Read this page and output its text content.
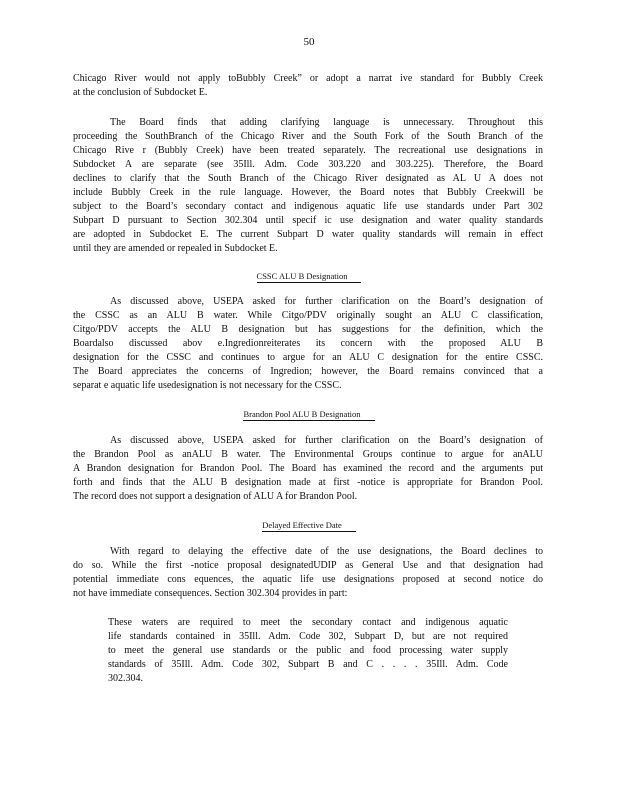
50
Chicago River would not apply toBubbly Creek” or adopt a narrat ive standard for Bubbly Creek
at the conclusion of Subdocket E.
The Board finds that adding clarifying language is unnecessary. Throughout this
proceeding the SouthBranch of the Chicago River and the South Fork of the South Branch of the
Chicago Rive r (Bubbly Creek) have been treated separately. The recreational use designations in
Subdocket A are separate (see 35Ill. Adm. Code 303.220 and 303.225). Therefore, the Board
declines to clarify that the South Branch of the Chicago River designated as AL U A does not
include Bubbly Creek in the rule language. However, the Board notes that Bubbly Creekwill be
subject to the Board’s secondary contact and indigenous aquatic life use standards under Part 302
Subpart D pursuant to Section 302.304 until specif ic use designation and water quality standards
are adopted in Subdocket E. The current Subpart D water quality standards will remain in effect
until they are amended or repealed in Subdocket E.
CSSC ALU B Designation
As discussed above, USEPA asked for further clarification on the Board’s designation of
the CSSC as an ALU B water. While Citgo/PDV originally sought an ALU C classification,
Citgo/PDV accepts the ALU B designation but has suggestions for the definition, which the
Boardalso discussed abov e.Ingredionreiterates its concern with the proposed ALU B
designation for the CSSC and continues to argue for an ALU C designation for the entire CSSC.
The Board appreciates the concerns of Ingredion; however, the Board remains convinced that a
separat e aquatic life usedesignation is not necessary for the CSSC.
Brandon Pool ALU B Designation
As discussed above, USEPA asked for further clarification on the Board’s designation of
the Brandon Pool as anALU B water. The Environmental Groups continue to argue for anALU
A Brandon designation for Brandon Pool. The Board has examined the record and the arguments put
forth and finds that the ALU B designation made at first -notice is appropriate for Brandon Pool.
The record does not support a designation of ALU A for Brandon Pool.
Delayed Effective Date
With regard to delaying the effective date of the use designations, the Board declines to
do so. While the first -notice proposal designatedUDIP as General Use and that designation had
potential immediate cons equences, the aquatic life use designations proposed at second notice do
not have immediate consequences. Section 302.304 provides in part:
These waters are required to meet the secondary contact and indigenous aquatic
life standards contained in 35Ill. Adm. Code 302, Subpart D, but are not required
to meet the general use standards or the public and food processing water supply
standards of 35Ill. Adm. Code 302, Subpart B and C . . . . 35Ill. Adm. Code
302.304.
